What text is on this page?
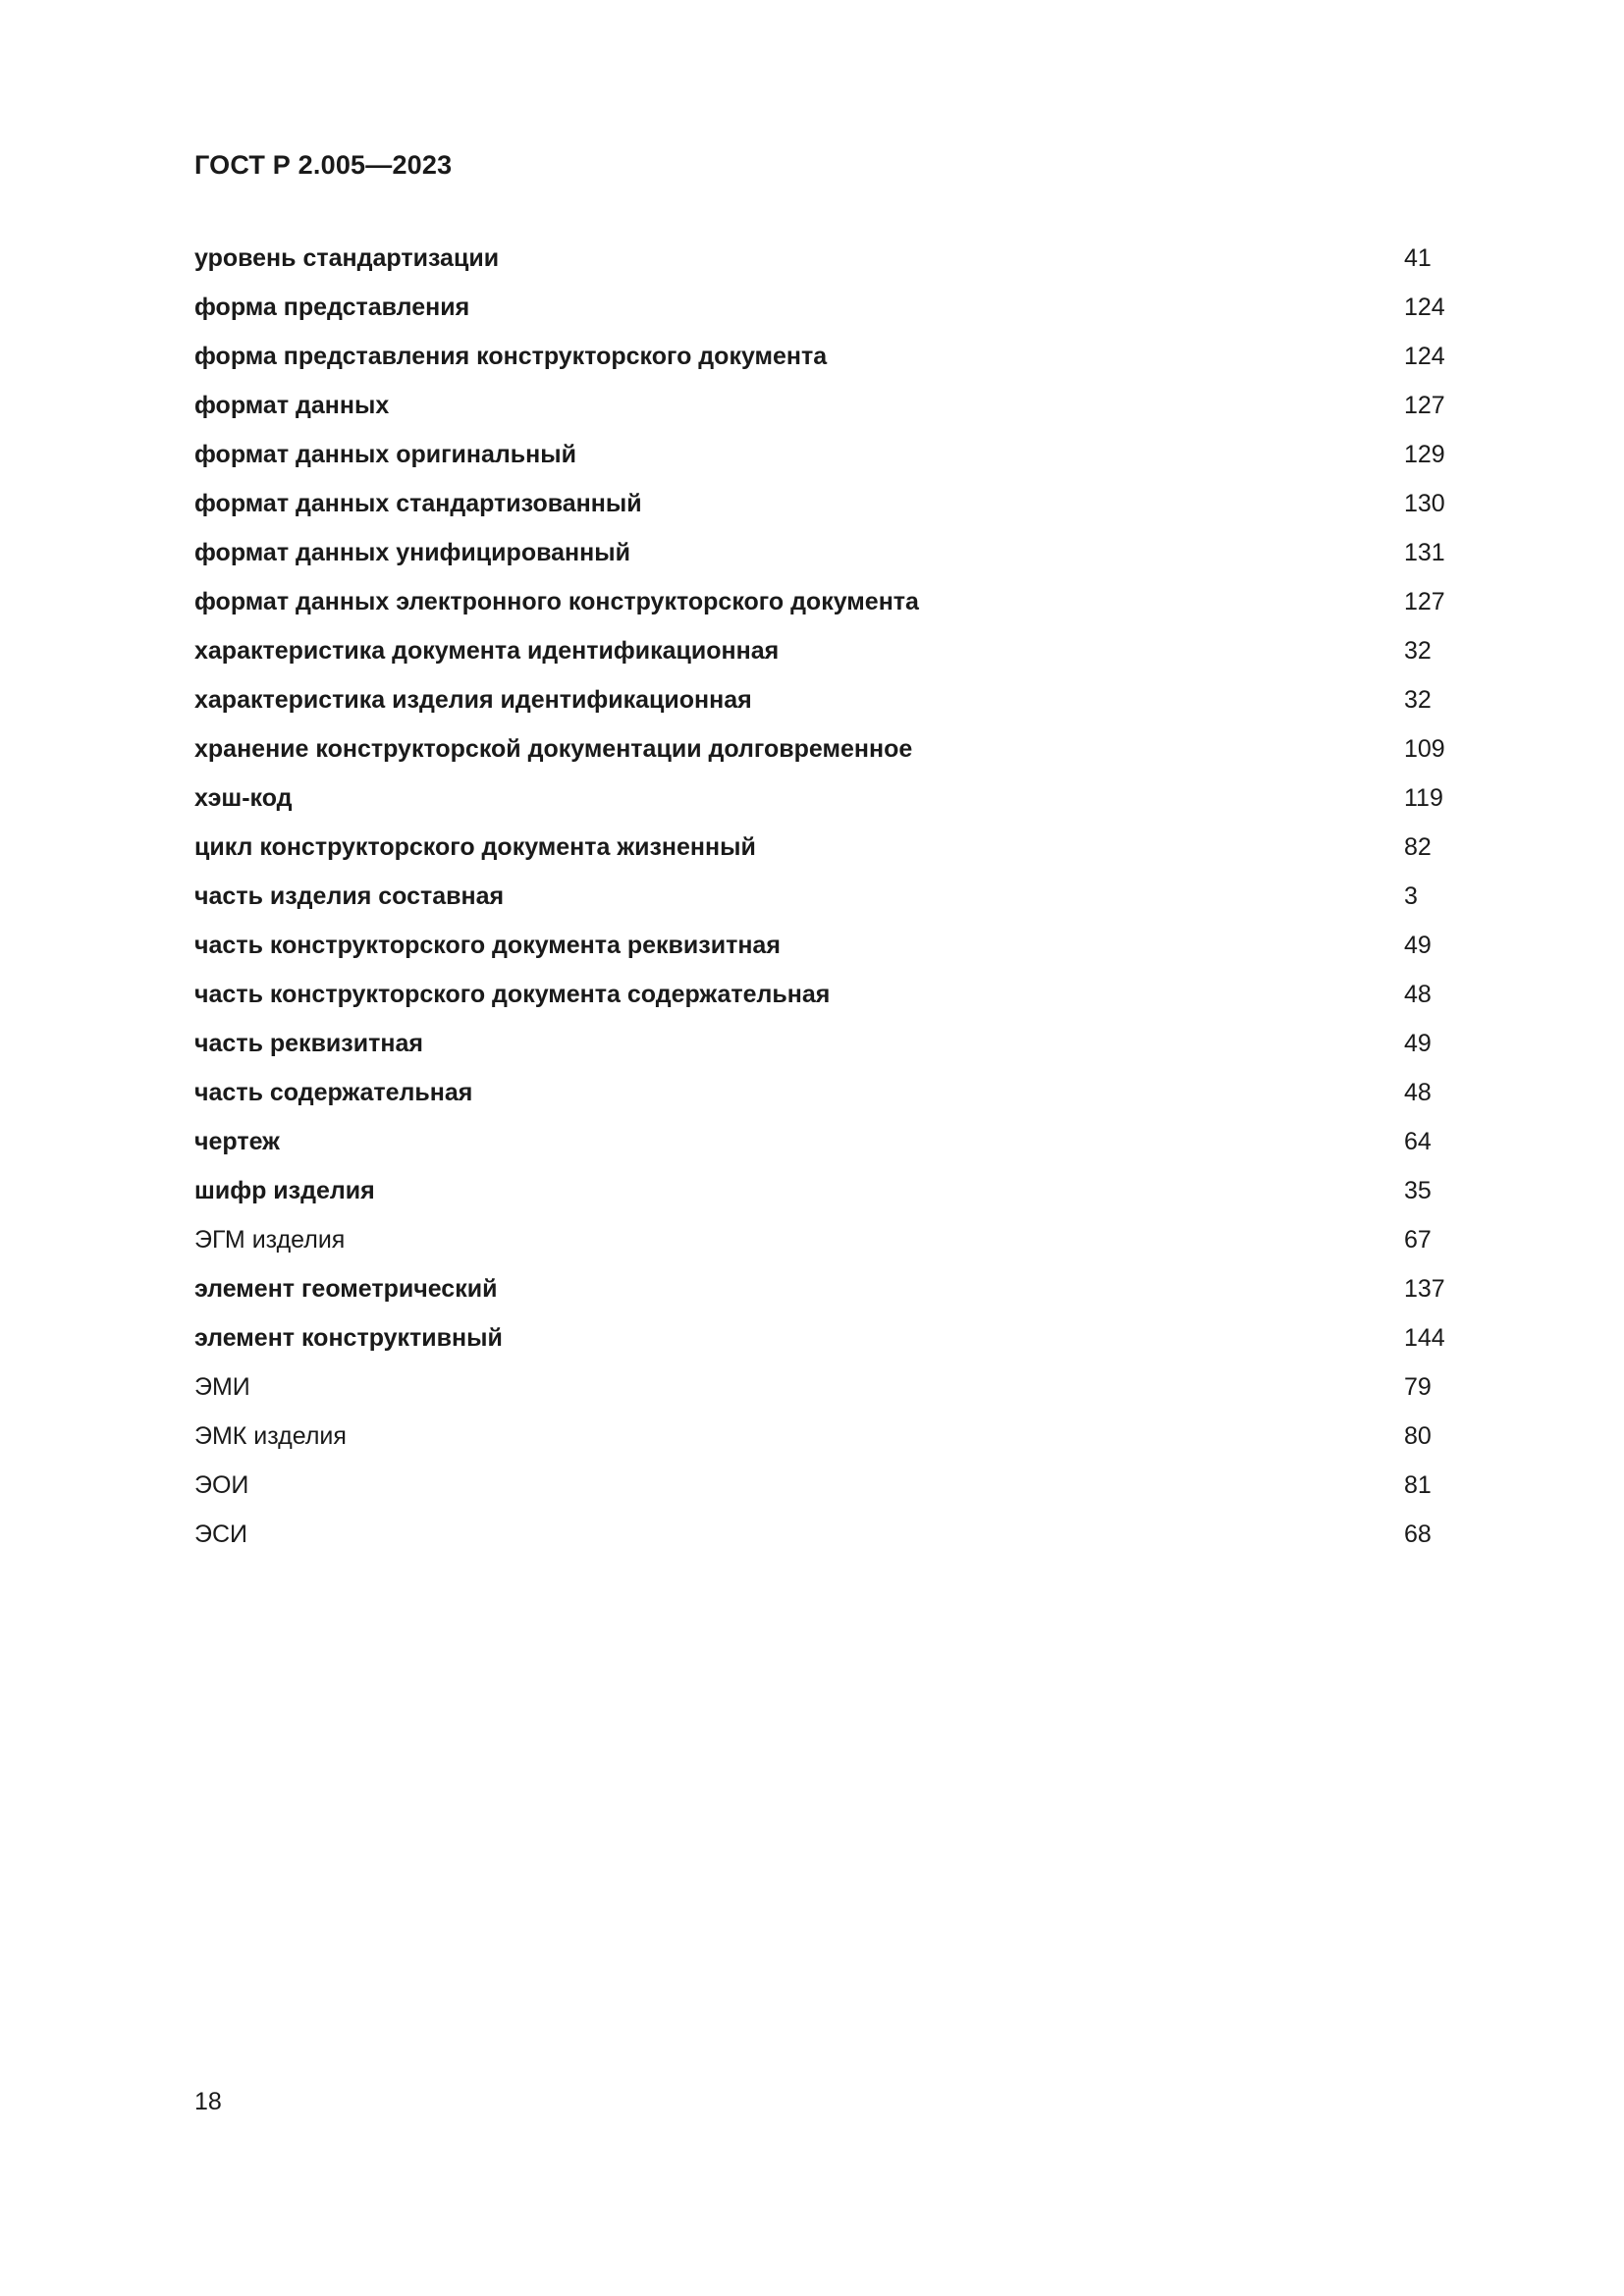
ГОСТ Р 2.005—2023
уровень стандартизации	41
форма представления	124
форма представления конструкторского документа	124
формат данных	127
формат данных оригинальный	129
формат данных стандартизованный	130
формат данных унифицированный	131
формат данных электронного конструкторского документа	127
характеристика документа идентификационная	32
характеристика изделия идентификационная	32
хранение конструкторской документации долговременное	109
хэш-код	119
цикл конструкторского документа жизненный	82
часть изделия составная	3
часть конструкторского документа реквизитная	49
часть конструкторского документа содержательная	48
часть реквизитная	49
часть содержательная	48
чертеж	64
шифр изделия	35
ЭГМ изделия	67
элемент геометрический	137
элемент конструктивный	144
ЭМИ	79
ЭМК изделия	80
ЭОИ	81
ЭСИ	68
18
